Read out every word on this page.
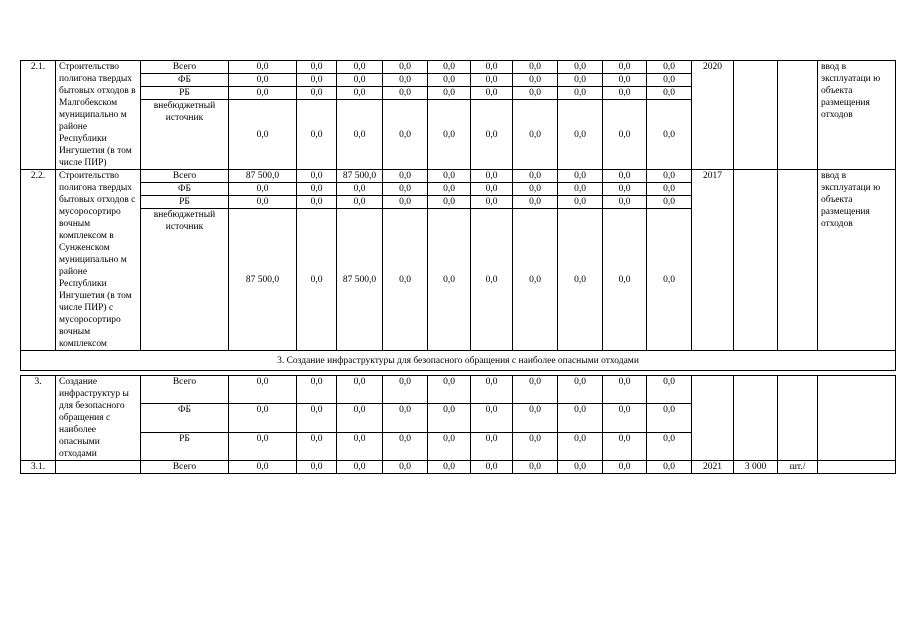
2.1.	Строительство полигона твердых бытовых отходов в Малгобекском муниципально м районе Республики Ингушетия (в том числе ПИР)	Всего	0,0	0,0	0,0	0,0	0,0	0,0	0,0	0,0	0,0	0,0	2020			ввод в эксплуатаци ю объекта размещения отходов
		ФБ	0,0	0,0	0,0	0,0	0,0	0,0	0,0	0,0	0,0	0,0				
		РБ	0,0	0,0	0,0	0,0	0,0	0,0	0,0	0,0	0,0	0,0				
		внебюджетный источник	0,0	0,0	0,0	0,0	0,0	0,0	0,0	0,0	0,0	0,0				
2.2.	Строительство полигона твердых бытовых отходов с мусоросортиро вочным комплексом в Сунженском муниципально м районе Республики Ингушетия (в том числе ПИР) с мусоросортиро вочным комплексом	Всего	87 500,0	0,0	87 500,0	0,0	0,0	0,0	0,0	0,0	0,0	0,0	2017			ввод в эксплуатаци ю объекта размещения отходов
		ФБ	0,0	0,0	0,0	0,0	0,0	0,0	0,0	0,0	0,0	0,0				
		РБ	0,0	0,0	0,0	0,0	0,0	0,0	0,0	0,0	0,0	0,0				
		внебюджетный источник	87 500,0	0,0	87 500,0	0,0	0,0	0,0	0,0	0,0	0,0	0,0				
3. Создание инфраструктуры для безопасного обращения с наиболее опасными отходами																

3.	Создание инфраструктур ы для безопасного обращения с наиболее опасными отходами	Всего	0,0	0,0	0,0	0,0	0,0	0,0	0,0	0,0	0,0	0,0				
		ФБ	0,0	0,0	0,0	0,0	0,0	0,0	0,0	0,0	0,0	0,0				
		РБ	0,0	0,0	0,0	0,0	0,0	0,0	0,0	0,0	0,0	0,0				
3.1.		Всего	0,0	0,0	0,0	0,0	0,0	0,0	0,0	0,0	0,0	0,0	2021	3 000	шт./	
